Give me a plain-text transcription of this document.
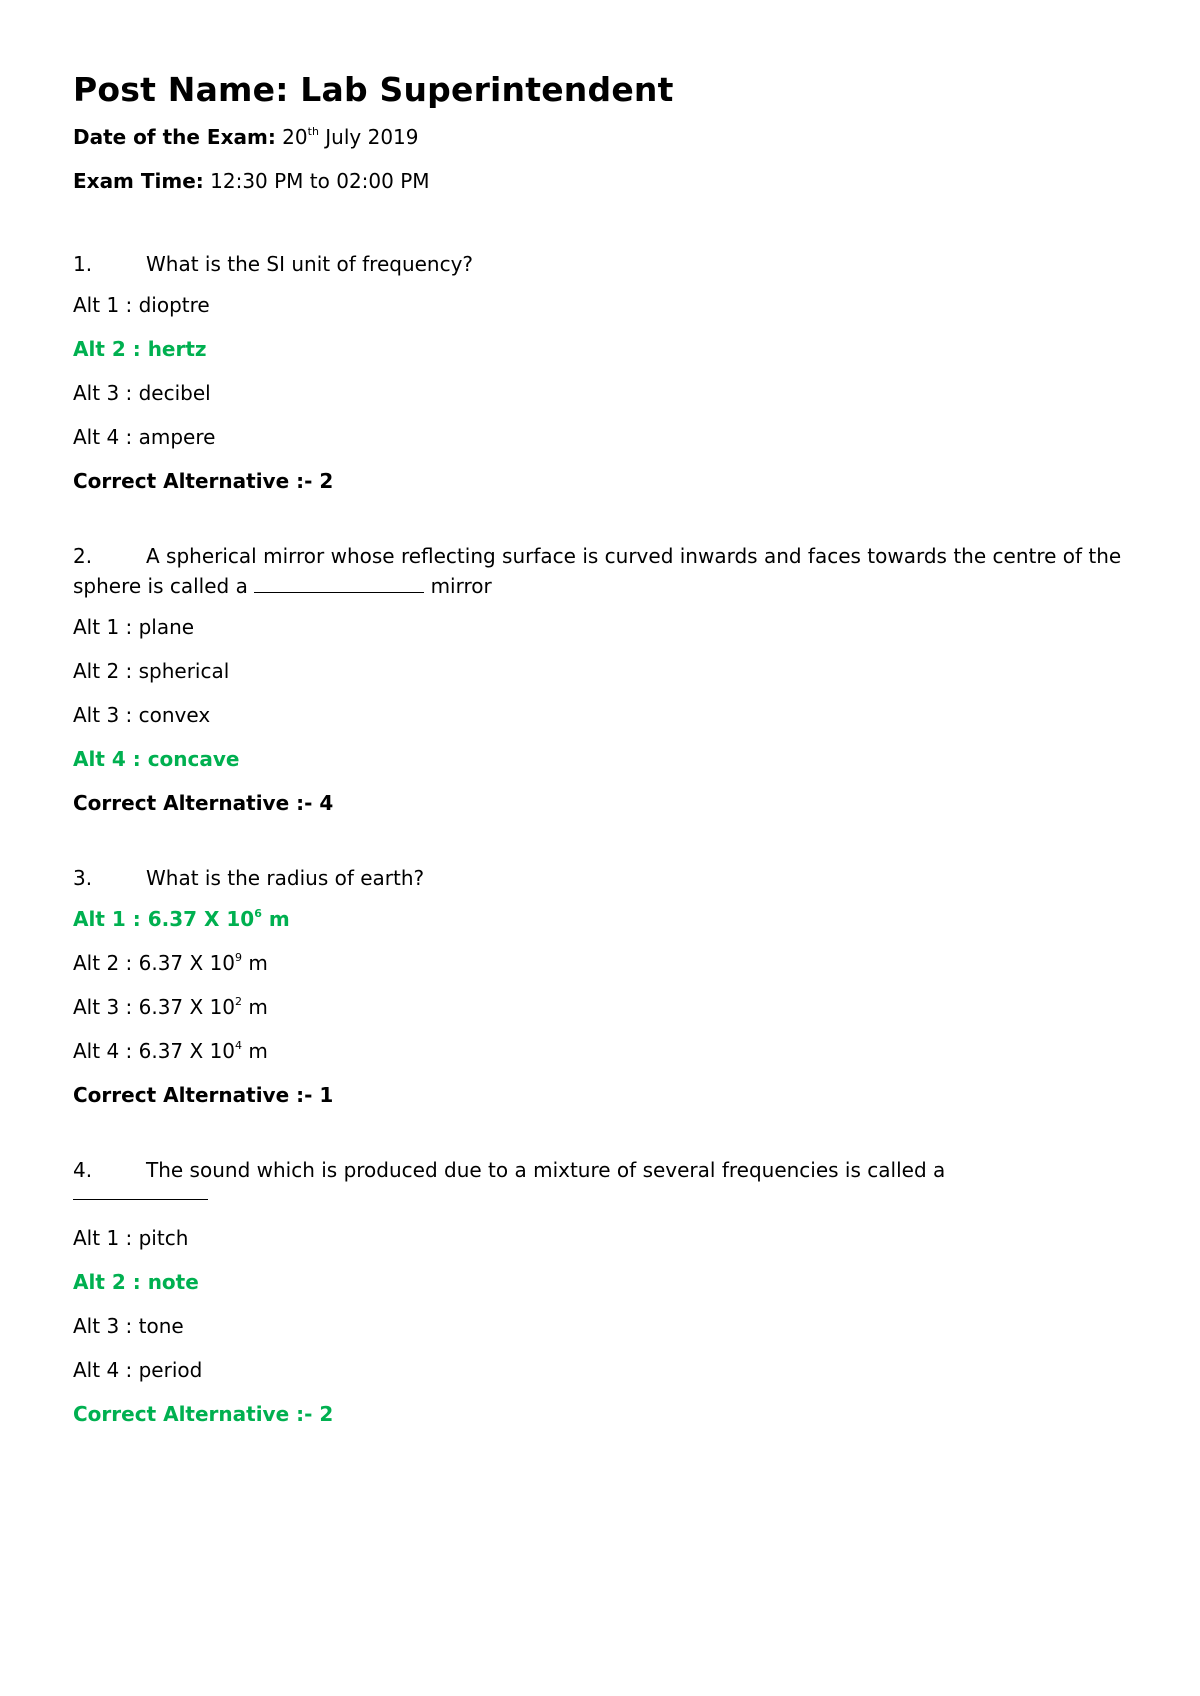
Post Name: Lab Superintendent
Date of the Exam: 20th July 2019
Exam Time: 12:30 PM to 02:00 PM
1.	What is the SI unit of frequency?
Alt 1 : dioptre
Alt 2 : hertz
Alt 3 : decibel
Alt 4 : ampere
Correct Alternative :- 2
2.	A spherical mirror whose reflecting surface is curved inwards and faces towards the centre of the sphere is called a	mirror
Alt 1 : plane
Alt 2 : spherical
Alt 3 : convex
Alt 4 : concave
Correct Alternative :- 4
3.	What is the radius of earth?
Alt 1 : 6.37 X $10^6$ m
Alt 2 : 6.37 X $10^9$ m
Alt 3 : 6.37 X $10^2$ m
Alt 4 : 6.37 X $10^4$ m
Correct Alternative :- 1
4.	The sound which is produced due to a mixture of several frequencies is called a
Alt 1 : pitch
Alt 2 : note
Alt 3 : tone
Alt 4 : period
Correct Alternative :- 2
